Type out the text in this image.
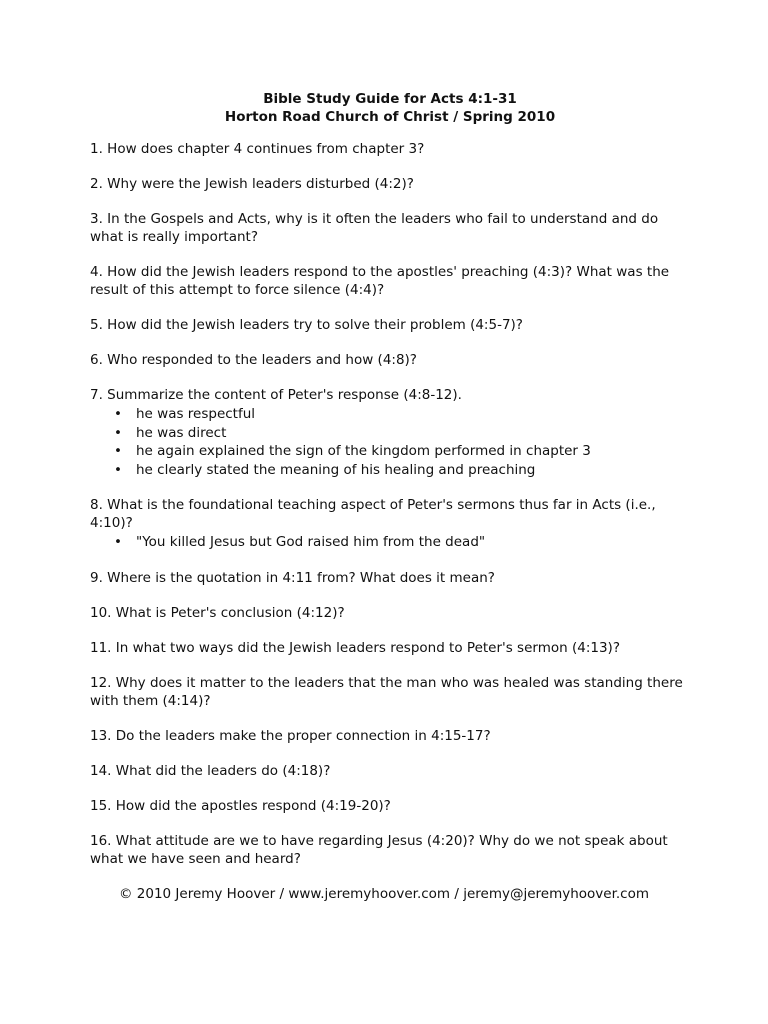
Bible Study Guide for Acts 4:1-31
Horton Road Church of Christ / Spring 2010
1. How does chapter 4 continues from chapter 3?
2. Why were the Jewish leaders disturbed (4:2)?
3. In the Gospels and Acts, why is it often the leaders who fail to understand and do what is really important?
4. How did the Jewish leaders respond to the apostles' preaching (4:3)? What was the result of this attempt to force silence (4:4)?
5. How did the Jewish leaders try to solve their problem (4:5-7)?
6. Who responded to the leaders and how (4:8)?
7. Summarize the content of Peter's response (4:8-12).
• he was respectful
• he was direct
• he again explained the sign of the kingdom performed in chapter 3
• he clearly stated the meaning of his healing and preaching
8. What is the foundational teaching aspect of Peter's sermons thus far in Acts (i.e., 4:10)?
• "You killed Jesus but God raised him from the dead"
9. Where is the quotation in 4:11 from? What does it mean?
10. What is Peter's conclusion (4:12)?
11. In what two ways did the Jewish leaders respond to Peter's sermon (4:13)?
12. Why does it matter to the leaders that the man who was healed was standing there with them (4:14)?
13. Do the leaders make the proper connection in 4:15-17?
14. What did the leaders do (4:18)?
15. How did the apostles respond (4:19-20)?
16. What attitude are we to have regarding Jesus (4:20)? Why do we not speak about what we have seen and heard?
© 2010 Jeremy Hoover / www.jeremyhoover.com / jeremy@jeremyhoover.com
